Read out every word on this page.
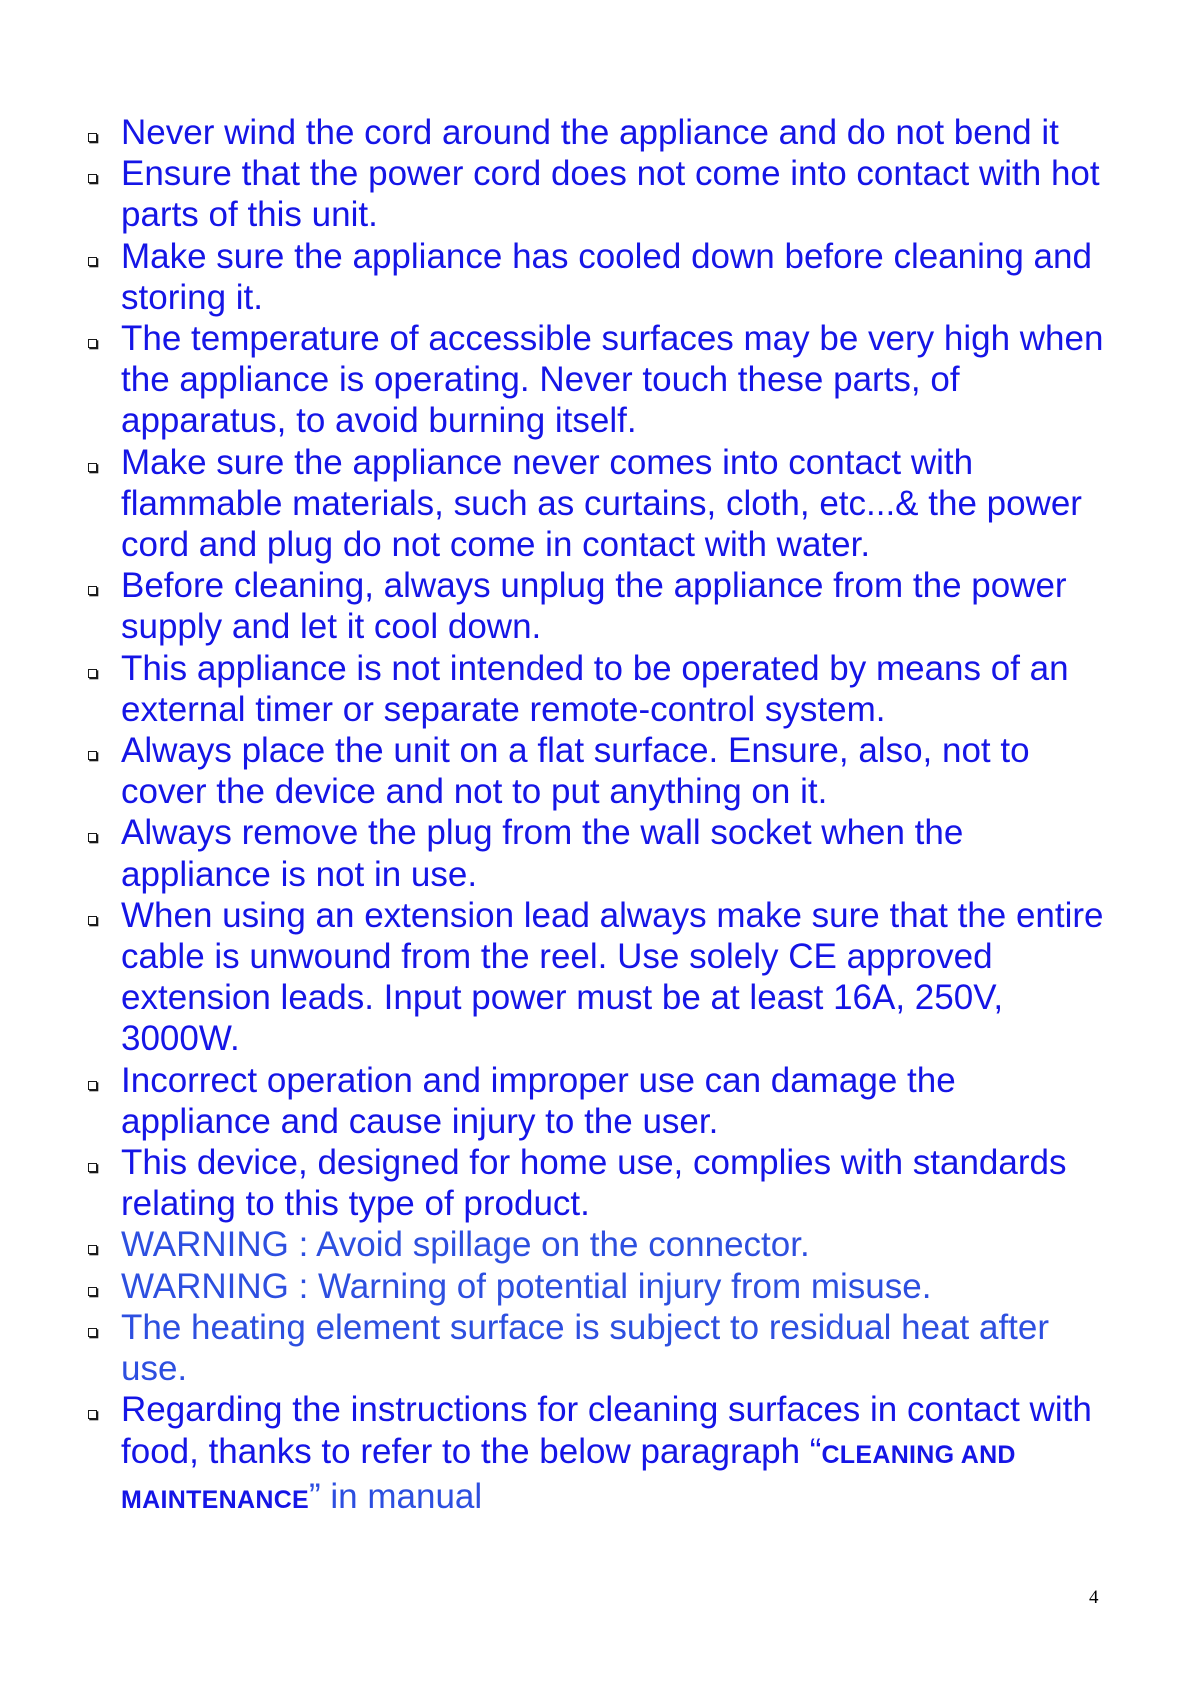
Never wind the cord around the appliance and do not bend it
Ensure that the power cord does not come into contact with hot parts of this unit.
Make sure the appliance has cooled down before cleaning and storing it.
The temperature of accessible surfaces may be very high when the appliance is operating. Never touch these parts, of apparatus, to avoid burning itself.
Make sure the appliance never comes into contact with flammable materials, such as curtains, cloth, etc...& the power cord and plug do not come in contact with water.
Before cleaning, always unplug the appliance from the power supply and let it cool down.
This appliance is not intended to be operated by means of an external timer or separate remote-control system.
Always place the unit on a flat surface. Ensure, also, not to cover the device and not to put anything on it.
Always remove the plug from the wall socket when the appliance is not in use.
When using an extension lead always make sure that the entire cable is unwound from the reel. Use solely CE approved extension leads. Input power must be at least 16A, 250V, 3000W.
Incorrect operation and improper use can damage the appliance and cause injury to the user.
This device, designed for home use, complies with standards relating to this type of product.
WARNING : Avoid spillage on the connector.
WARNING : Warning of potential injury from misuse.
The heating element surface is subject to residual heat after use.
Regarding the instructions for cleaning surfaces in contact with food, thanks to refer to the below paragraph “CLEANING AND MAINTENANCE” in manual
4
